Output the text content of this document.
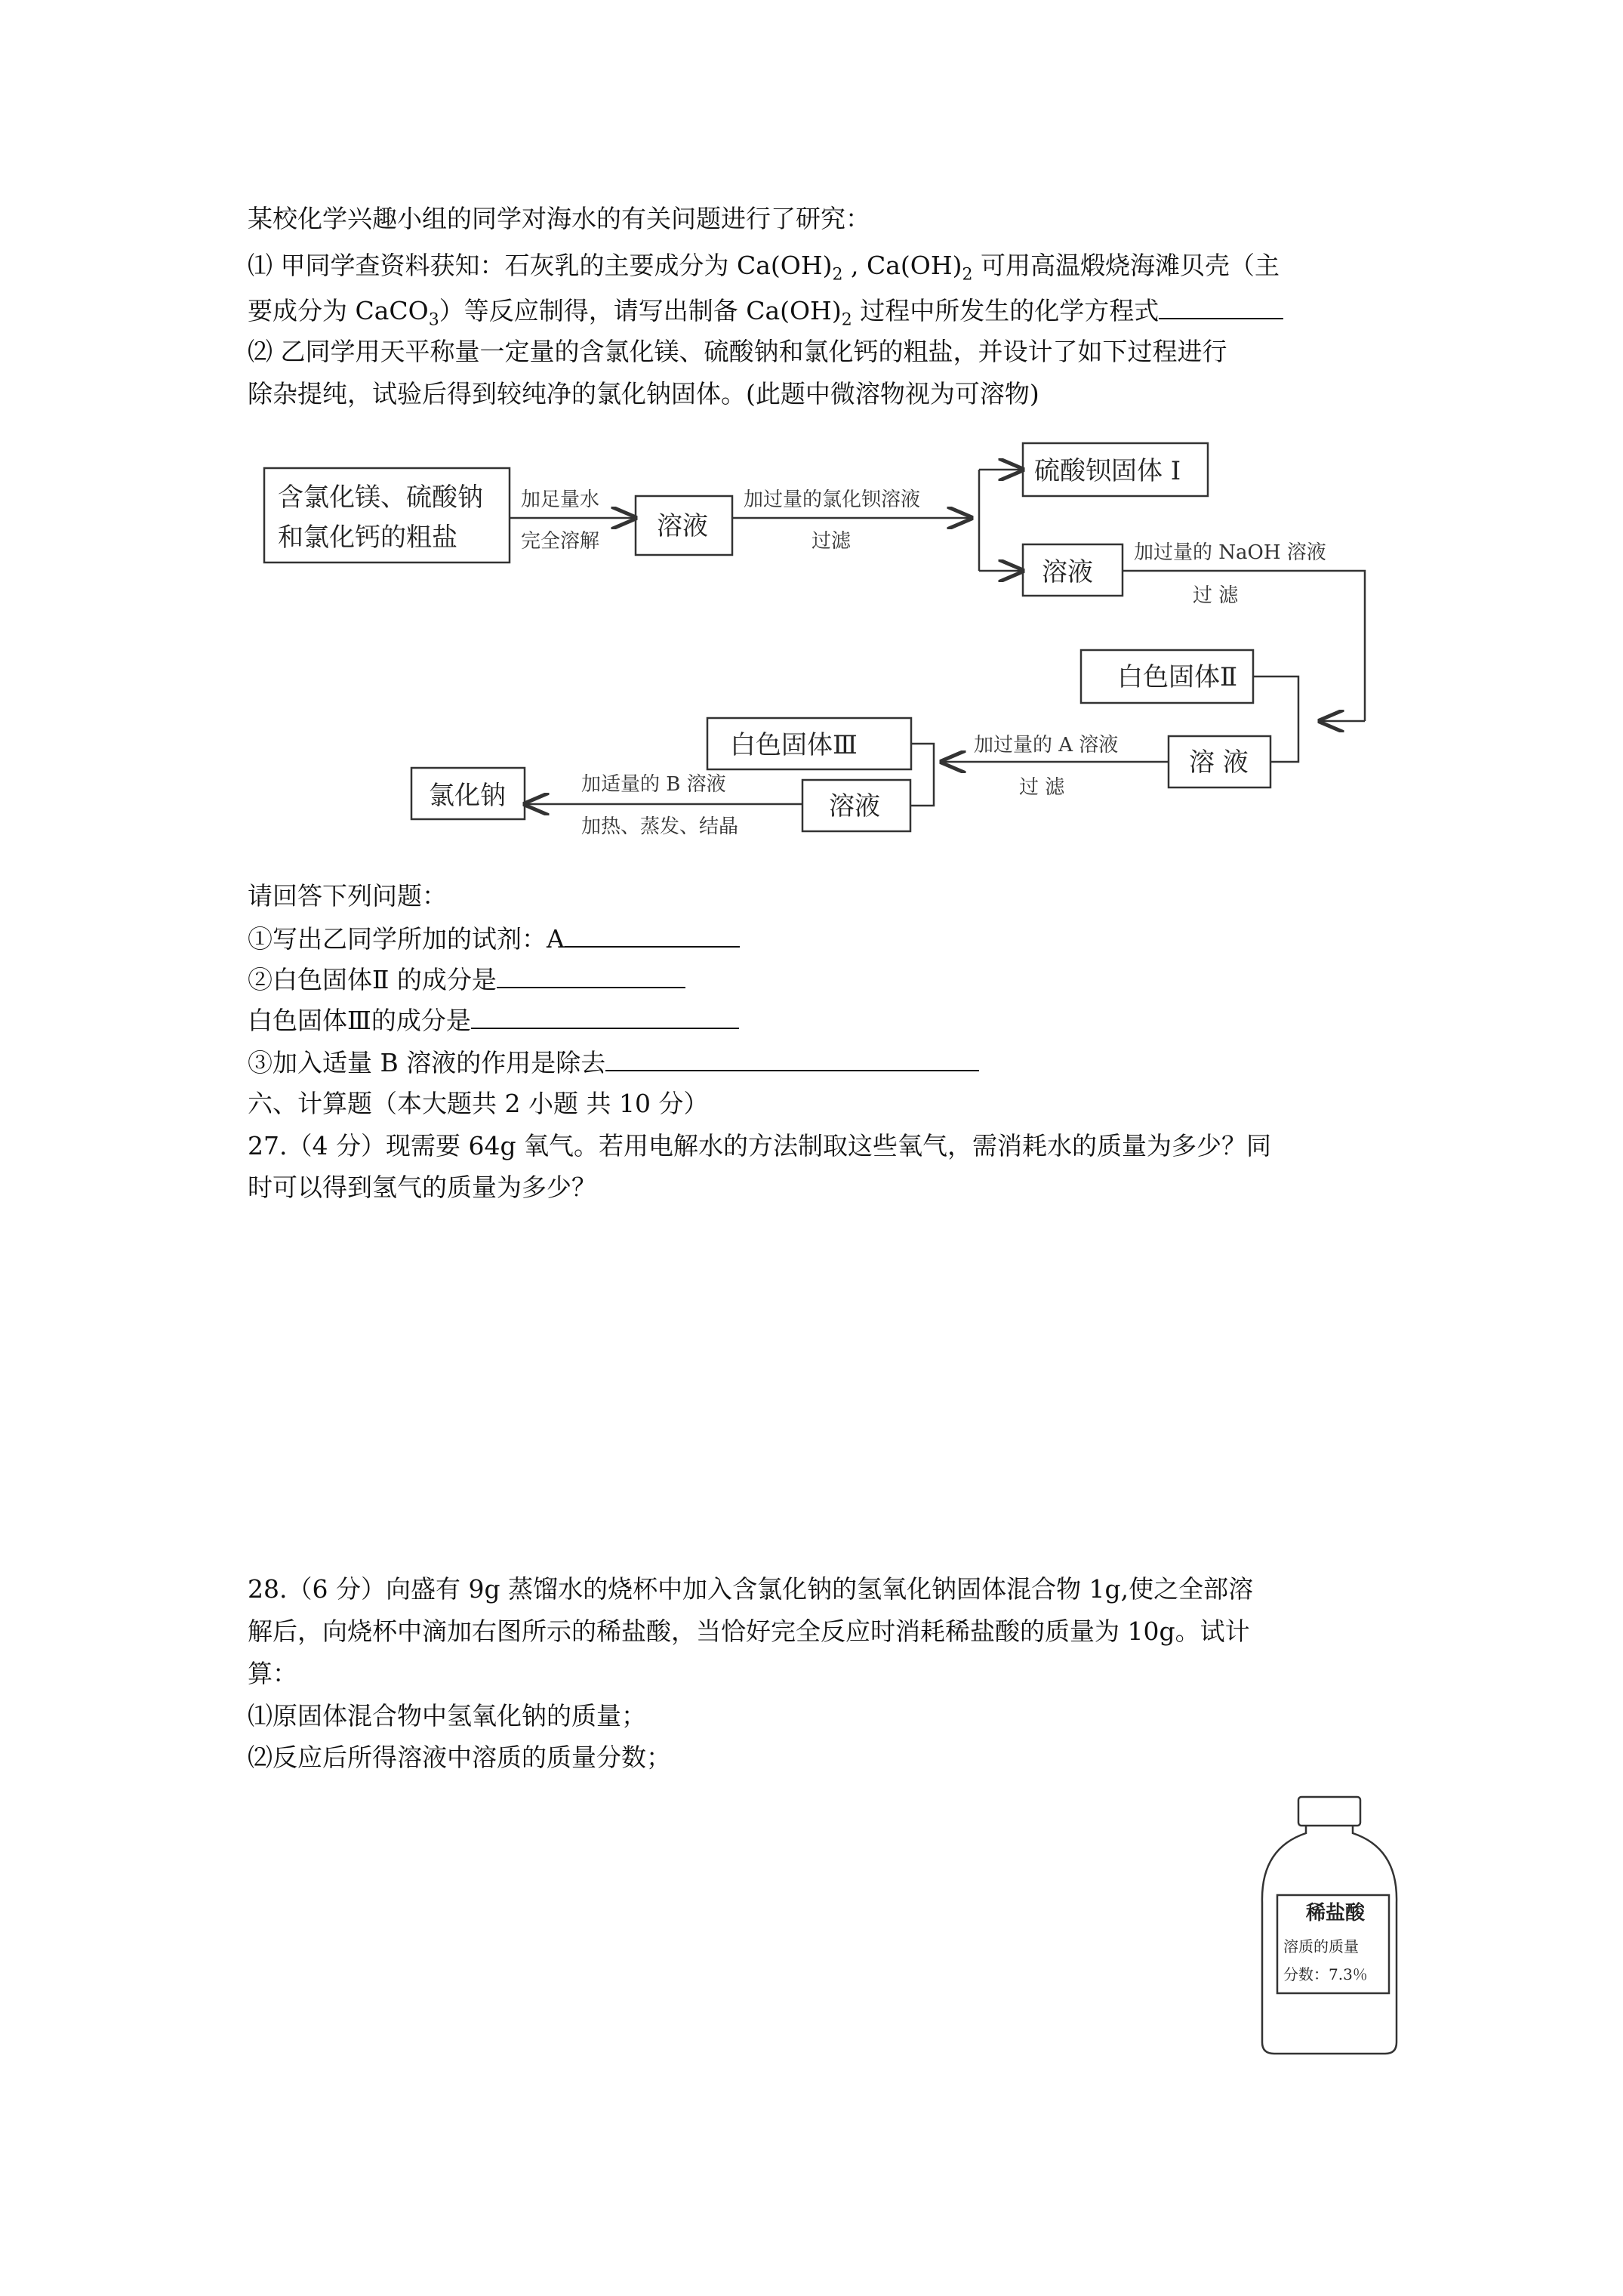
某校化学兴趣小组的同学对海水的有关问题进行了研究：
⑴ 甲同学查资料获知：石灰乳的主要成分为 $Ca(OH)_2$ , $Ca(OH)_2$ 可用高温煅烧海滩贝壳（主
要成分为 CaCO$_3$）等反应制得，请写出制备 $Ca(OH)_2$ 过程中所发生的化学方程式
⑵ 乙同学用天平称量一定量的含氯化镁、硫酸钠和氯化钙的粗盐，并设计了如下过程进行
除杂提纯，试验后得到较纯净的氯化钠固体。(此题中微溶物视为可溶物)
含氯化镁、硫酸钠
和氯化钙的粗盐
加足量水
完全溶解 溶液
加过量的氯化钡溶液
过滤
硫酸钡固体 Ⅰ
溶液
加过量的 NaOH 溶液
过 滤
白色固体Ⅱ
白色固体Ⅲ
溶 液
加过量的 A 溶液
过 滤
溶液
加适量的 B 溶液
加热、蒸发、结晶
氯化钠
请回答下列问题：
①写出乙同学所加的试剂：A
②白色固体Ⅱ 的成分是
白色固体Ⅲ的成分是
③加入适量 B 溶液的作用是除去
六、计算题（本大题共 2 小题 共 10 分）
27.（4 分）现需要 64g 氧气。若用电解水的方法制取这些氧气，需消耗水的质量为多少？同
时可以得到氢气的质量为多少？
28.（6 分）向盛有 9g 蒸馏水的烧杯中加入含氯化钠的氢氧化钠固体混合物 1g,使之全部溶
解后，向烧杯中滴加右图所示的稀盐酸，当恰好完全反应时消耗稀盐酸的质量为 10g。试计
算：
⑴原固体混合物中氢氧化钠的质量；
⑵反应后所得溶液中溶质的质量分数；
稀盐酸
溶质的质量
分数：7.3％
